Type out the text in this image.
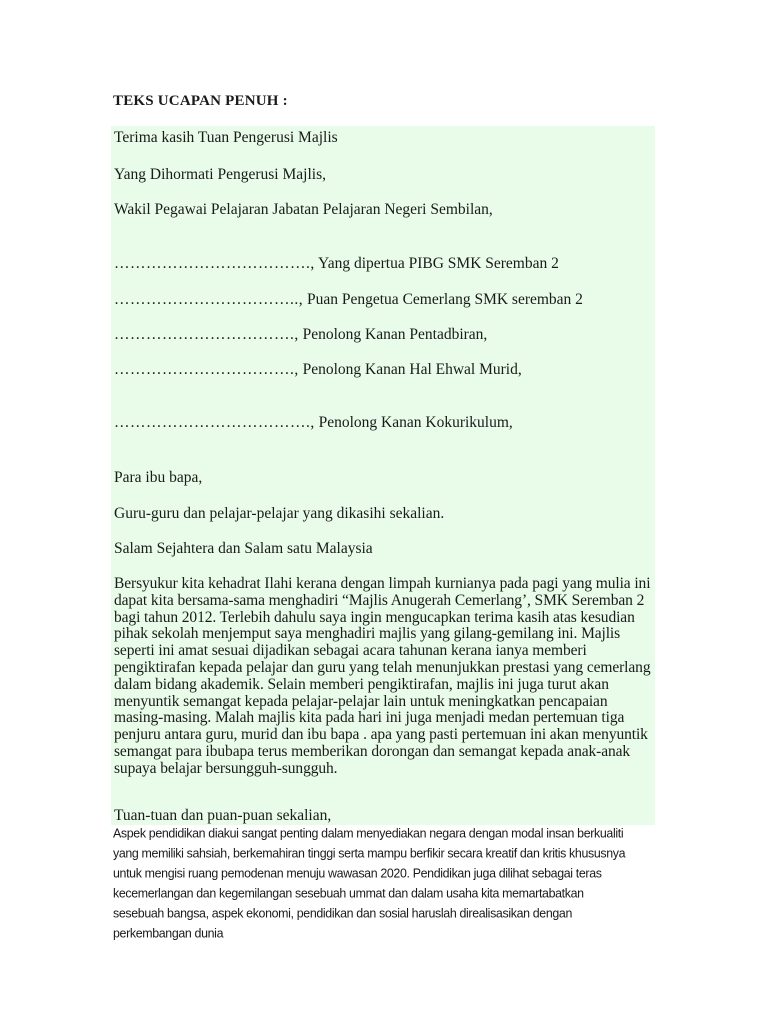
TEKS UCAPAN PENUH :
Terima kasih Tuan Pengerusi Majlis
Yang Dihormati Pengerusi Majlis,
Wakil Pegawai Pelajaran Jabatan Pelajaran Negeri Sembilan,
………………………………., Yang dipertua PIBG SMK Seremban 2
…………………………….., Puan Pengetua Cemerlang SMK seremban 2
……………………………., Penolong Kanan Pentadbiran,
……………………………., Penolong Kanan Hal Ehwal Murid,
………………………………., Penolong Kanan Kokurikulum,
Para ibu bapa,
Guru-guru dan pelajar-pelajar yang dikasihi sekalian.
Salam Sejahtera dan Salam satu Malaysia
Bersyukur kita kehadrat Ilahi kerana dengan limpah kurnianya pada pagi yang mulia ini dapat kita bersama-sama menghadiri “Majlis Anugerah Cemerlang’, SMK Seremban 2 bagi tahun 2012. Terlebih dahulu saya ingin mengucapkan terima kasih atas kesudian pihak sekolah menjemput saya menghadiri majlis yang gilang-gemilang ini. Majlis seperti ini amat sesuai dijadikan sebagai acara tahunan kerana ianya memberi pengiktirafan kepada pelajar dan guru yang telah menunjukkan prestasi yang cemerlang dalam bidang akademik. Selain memberi pengiktirafan, majlis ini juga turut akan menyuntik semangat kepada pelajar-pelajar lain untuk meningkatkan pencapaian masing-masing. Malah majlis kita pada hari ini juga menjadi medan pertemuan tiga penjuru antara guru, murid dan ibu bapa . apa yang pasti pertemuan ini akan menyuntik semangat para ibubapa terus memberikan dorongan dan semangat kepada anak-anak supaya belajar bersungguh-sungguh.
Tuan-tuan dan puan-puan sekalian,
Aspek pendidikan diakui sangat penting dalam menyediakan negara dengan modal insan berkualiti yang memiliki sahsiah, berkemahiran tinggi serta mampu berfikir secara kreatif dan kritis khususnya untuk mengisi ruang pemodenan menuju wawasan 2020. Pendidikan juga dilihat sebagai teras kecemerlangan dan kegemilangan sesebuah ummat dan dalam usaha kita memartabatkan sesebuah bangsa, aspek ekonomi, pendidikan dan sosial haruslah direalisasikan dengan perkembangan dunia
